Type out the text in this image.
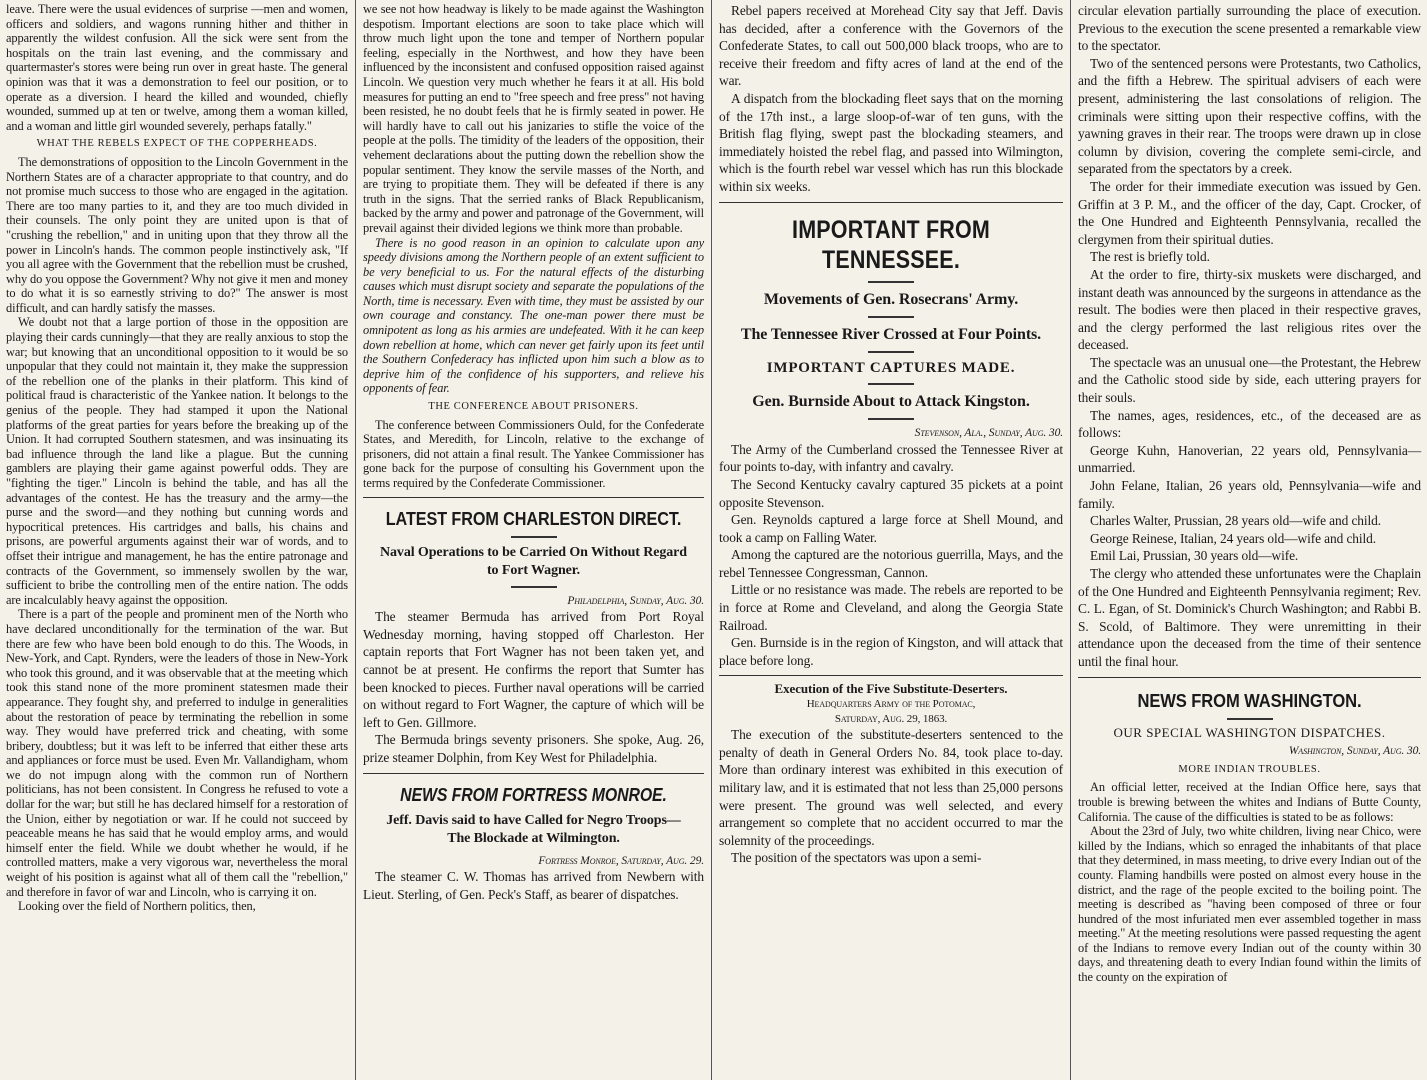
leave. There were the usual evidences of surprise —men and women, officers and soldiers, and wagons running hither and thither in apparently the wildest confusion. All the sick were sent from the hospitals on the train last evening, and the commissary and quartermaster's stores were being run over in great haste. The general opinion was that it was a demonstration to feel our position, or to operate as a diversion. I heard the killed and wounded, chiefly wounded, summed up at ten or twelve, among them a woman killed, and a woman and little girl wounded severely, perhaps fatally."

WHAT THE REBELS EXPECT OF THE COPPERHEADS.

The demonstrations of opposition to the Lincoln Government in the Northern States are of a character appropriate to that country, and do not promise much success to those who are engaged in the agitation. There are too many parties to it, and they are too much divided in their counsels. The only point they are united upon is that of "crushing the rebellion," and in uniting upon that they throw all the power in Lincoln's hands. The common people instinctively ask, "If you all agree with the Government that the rebellion must be crushed, why do you oppose the Government? Why not give it men and money to do what it is so earnestly striving to do?" The answer is most difficult, and can hardly satisfy the masses.

We doubt not that a large portion of those in the opposition are playing their cards cunningly—that they are really anxious to stop the war; but knowing that an unconditional opposition to it would be so unpopular that they could not maintain it, they make the suppression of the rebellion one of the planks in their platform. This kind of political fraud is characteristic of the Yankee nation. It belongs to the genius of the people. They had stamped it upon the National platforms of the great parties for years before the breaking up of the Union. It had corrupted Southern statesmen, and was insinuating its bad influence through the land like a plague. But the cunning gamblers are playing their game against powerful odds. They are "fighting the tiger." Lincoln is behind the table, and has all the advantages of the contest. He has the treasury and the army—the purse and the sword—and they nothing but cunning words and hypocritical pretences. His cartridges and balls, his chains and prisons, are powerful arguments against their war of words, and to offset their intrigue and management, he has the entire patronage and contracts of the Government, so immensely swollen by the war, sufficient to bribe the controlling men of the entire nation. The odds are incalculably heavy against the opposition.

There is a part of the people and prominent men of the North who have declared unconditionally for the termination of the war. But there are few who have been bold enough to do this. The Woods, in New-York, and Capt. Rynders, were the leaders of those in New-York who took this ground, and it was observable that at the meeting which took this stand none of the more prominent statesmen made their appearance. They fought shy, and preferred to indulge in generalities about the restoration of peace by terminating the rebellion in some way. They would have preferred trick and cheating, with some bribery, doubtless; but it was left to be inferred that either these arts and appliances or force must be used. Even Mr. Vallandigham, whom we do not impugn along with the common run of Northern politicians, has not been consistent. In Congress he refused to vote a dollar for the war; but still he has declared himself for a restoration of the Union, either by negotiation or war. If he could not succeed by peaceable means he has said that he would employ arms, and would himself enter the field. While we doubt whether he would, if he controlled matters, make a very vigorous war, nevertheless the moral weight of his position is against what all of them call the "rebellion," and therefore in favor of war and Lincoln, who is carrying it on.

Looking over the field of Northern politics, then,

we see not how headway is likely to be made against the Washington despotism. Important elections are soon to take place which will throw much light upon the tone and temper of Northern popular feeling, especially in the Northwest, and how they have been influenced by the inconsistent and confused opposition raised against Lincoln. We question very much whether he fears it at all. His bold measures for putting an end to "free speech and free press" not having been resisted, he no doubt feels that he is firmly seated in power. He will hardly have to call out his janizaries to stifle the voice of the people at the polls. The timidity of the leaders of the opposition, their vehement declarations about the putting down the rebellion show the popular sentiment. They know the servile masses of the North, and are trying to propitiate them. They will be defeated if there is any truth in the signs. That the serried ranks of Black Republicanism, backed by the army and power and patronage of the Government, will prevail against their divided legions we think more than probable.

There is no good reason in an opinion to calculate upon any speedy divisions among the Northern people of an extent sufficient to be very beneficial to us. For the natural effects of the disturbing causes which must disrupt society and separate the populations of the North, time is necessary. Even with time, they must be assisted by our own courage and constancy. The one-man power there must be omnipotent as long as his armies are undefeated. With it he can keep down rebellion at home, which can never get fairly upon its feet until the Southern Confederacy has inflicted upon him such a blow as to deprive him of the confidence of his supporters, and relieve his opponents of fear.

THE CONFERENCE ABOUT PRISONERS.

The conference between Commissioners Ould, for the Confederate States, and Meredith, for Lincoln, relative to the exchange of prisoners, did not attain a final result. The Yankee Commissioner has gone back for the purpose of consulting his Government upon the terms required by the Confederate Commissioner.

LATEST FROM CHARLESTON DIRECT.
Naval Operations to be Carried On Without Regard to Fort Wagner.
Philadelphia, Sunday, Aug. 30.

The steamer Bermuda has arrived from Port Royal Wednesday morning, having stopped off Charleston. Her captain reports that Fort Wagner has not been taken yet, and cannot be at present. He confirms the report that Sumter has been knocked to pieces. Further naval operations will be carried on without regard to Fort Wagner, the capture of which will be left to Gen. Gillmore.

The Bermuda brings seventy prisoners. She spoke, Aug. 26, prize steamer Dolphin, from Key West for Philadelphia.

NEWS FROM FORTRESS MONROE.
Jeff. Davis said to have Called for Negro Troops—The Blockade at Wilmington.
Fortress Monroe, Saturday, Aug. 29.

The steamer C. W. Thomas has arrived from Newbern with Lieut. Sterling, of Gen. Peck's Staff, as bearer of dispatches.

Rebel papers received at Morehead City say that Jeff. Davis has decided, after a conference with the Governors of the Confederate States, to call out 500,000 black troops, who are to receive their freedom and fifty acres of land at the end of the war.

A dispatch from the blockading fleet says that on the morning of the 17th inst., a large sloop-of-war of ten guns, with the British flag flying, swept past the blockading steamers, and immediately hoisted the rebel flag, and passed into Wilmington, which is the fourth rebel war vessel which has run this blockade within six weeks.

IMPORTANT FROM TENNESSEE.
Movements of Gen. Rosecrans' Army.
The Tennessee River Crossed at Four Points.
IMPORTANT CAPTURES MADE.
Gen. Burnside About to Attack Kingston.
Stevenson, Ala., Sunday, Aug. 30.

The Army of the Cumberland crossed the Tennessee River at four points to-day, with infantry and cavalry.

The Second Kentucky cavalry captured 35 pickets at a point opposite Stevenson.

Gen. Reynolds captured a large force at Shell Mound, and took a camp on Falling Water.

Among the captured are the notorious guerrilla, Mays, and the rebel Tennessee Congressman, Cannon.

Little or no resistance was made. The rebels are reported to be in force at Rome and Cleveland, and along the Georgia State Railroad.

Gen. Burnside is in the region of Kingston, and will attack that place before long.

Execution of the Five Substitute-Deserters.
Headquarters Army of the Potomac,
Saturday, Aug. 29, 1863.

The execution of the substitute-deserters sentenced to the penalty of death in General Orders No. 84, took place to-day. More than ordinary interest was exhibited in this execution of military law, and it is estimated that not less than 25,000 persons were present. The ground was well selected, and every arrangement so complete that no accident occurred to mar the solemnity of the proceedings.

The position of the spectators was upon a semi-

circular elevation partially surrounding the place of execution. Previous to the execution the scene presented a remarkable view to the spectator.

Two of the sentenced persons were Protestants, two Catholics, and the fifth a Hebrew. The spiritual advisers of each were present, administering the last consolations of religion. The criminals were sitting upon their respective coffins, with the yawning graves in their rear. The troops were drawn up in close column by division, covering the complete semi-circle, and separated from the spectators by a creek.

The order for their immediate execution was issued by Gen. Griffin at 3 P. M., and the officer of the day, Capt. Crocker, of the One Hundred and Eighteenth Pennsylvania, recalled the clergymen from their spiritual duties.

The rest is briefly told.

At the order to fire, thirty-six muskets were discharged, and instant death was announced by the surgeons in attendance as the result. The bodies were then placed in their respective graves, and the clergy performed the last religious rites over the deceased.

The spectacle was an unusual one—the Protestant, the Hebrew and the Catholic stood side by side, each uttering prayers for their souls.

The names, ages, residences, etc., of the deceased are as follows:

George Kuhn, Hanoverian, 22 years old, Pennsylvania—unmarried.

John Felane, Italian, 26 years old, Pennsylvania—wife and family.

Charles Walter, Prussian, 28 years old—wife and child.

George Reinese, Italian, 24 years old—wife and child.

Emil Lai, Prussian, 30 years old—wife.

The clergy who attended these unfortunates were the Chaplain of the One Hundred and Eighteenth Pennsylvania regiment; Rev. C. L. Egan, of St. Dominick's Church Washington; and Rabbi B. S. Scold, of Baltimore. They were unremitting in their attendance upon the deceased from the time of their sentence until the final hour.

NEWS FROM WASHINGTON.
OUR SPECIAL WASHINGTON DISPATCHES.
Washington, Sunday, Aug. 30.
MORE INDIAN TROUBLES.

An official letter, received at the Indian Office here, says that trouble is brewing between the whites and Indians of Butte County, California. The cause of the difficulties is stated to be as follows:

About the 23rd of July, two white children, living near Chico, were killed by the Indians, which so enraged the inhabitants of that place that they determined, in mass meeting, to drive every Indian out of the county. Flaming handbills were posted on almost every house in the district, and the rage of the people excited to the boiling point. The meeting is described as "having been composed of three or four hundred of the most infuriated men ever assembled together in mass meeting." At the meeting resolutions were passed requesting the agent of the Indians to remove every Indian out of the county within 30 days, and threatening death to every Indian found within the limits of the county on the expiration of
